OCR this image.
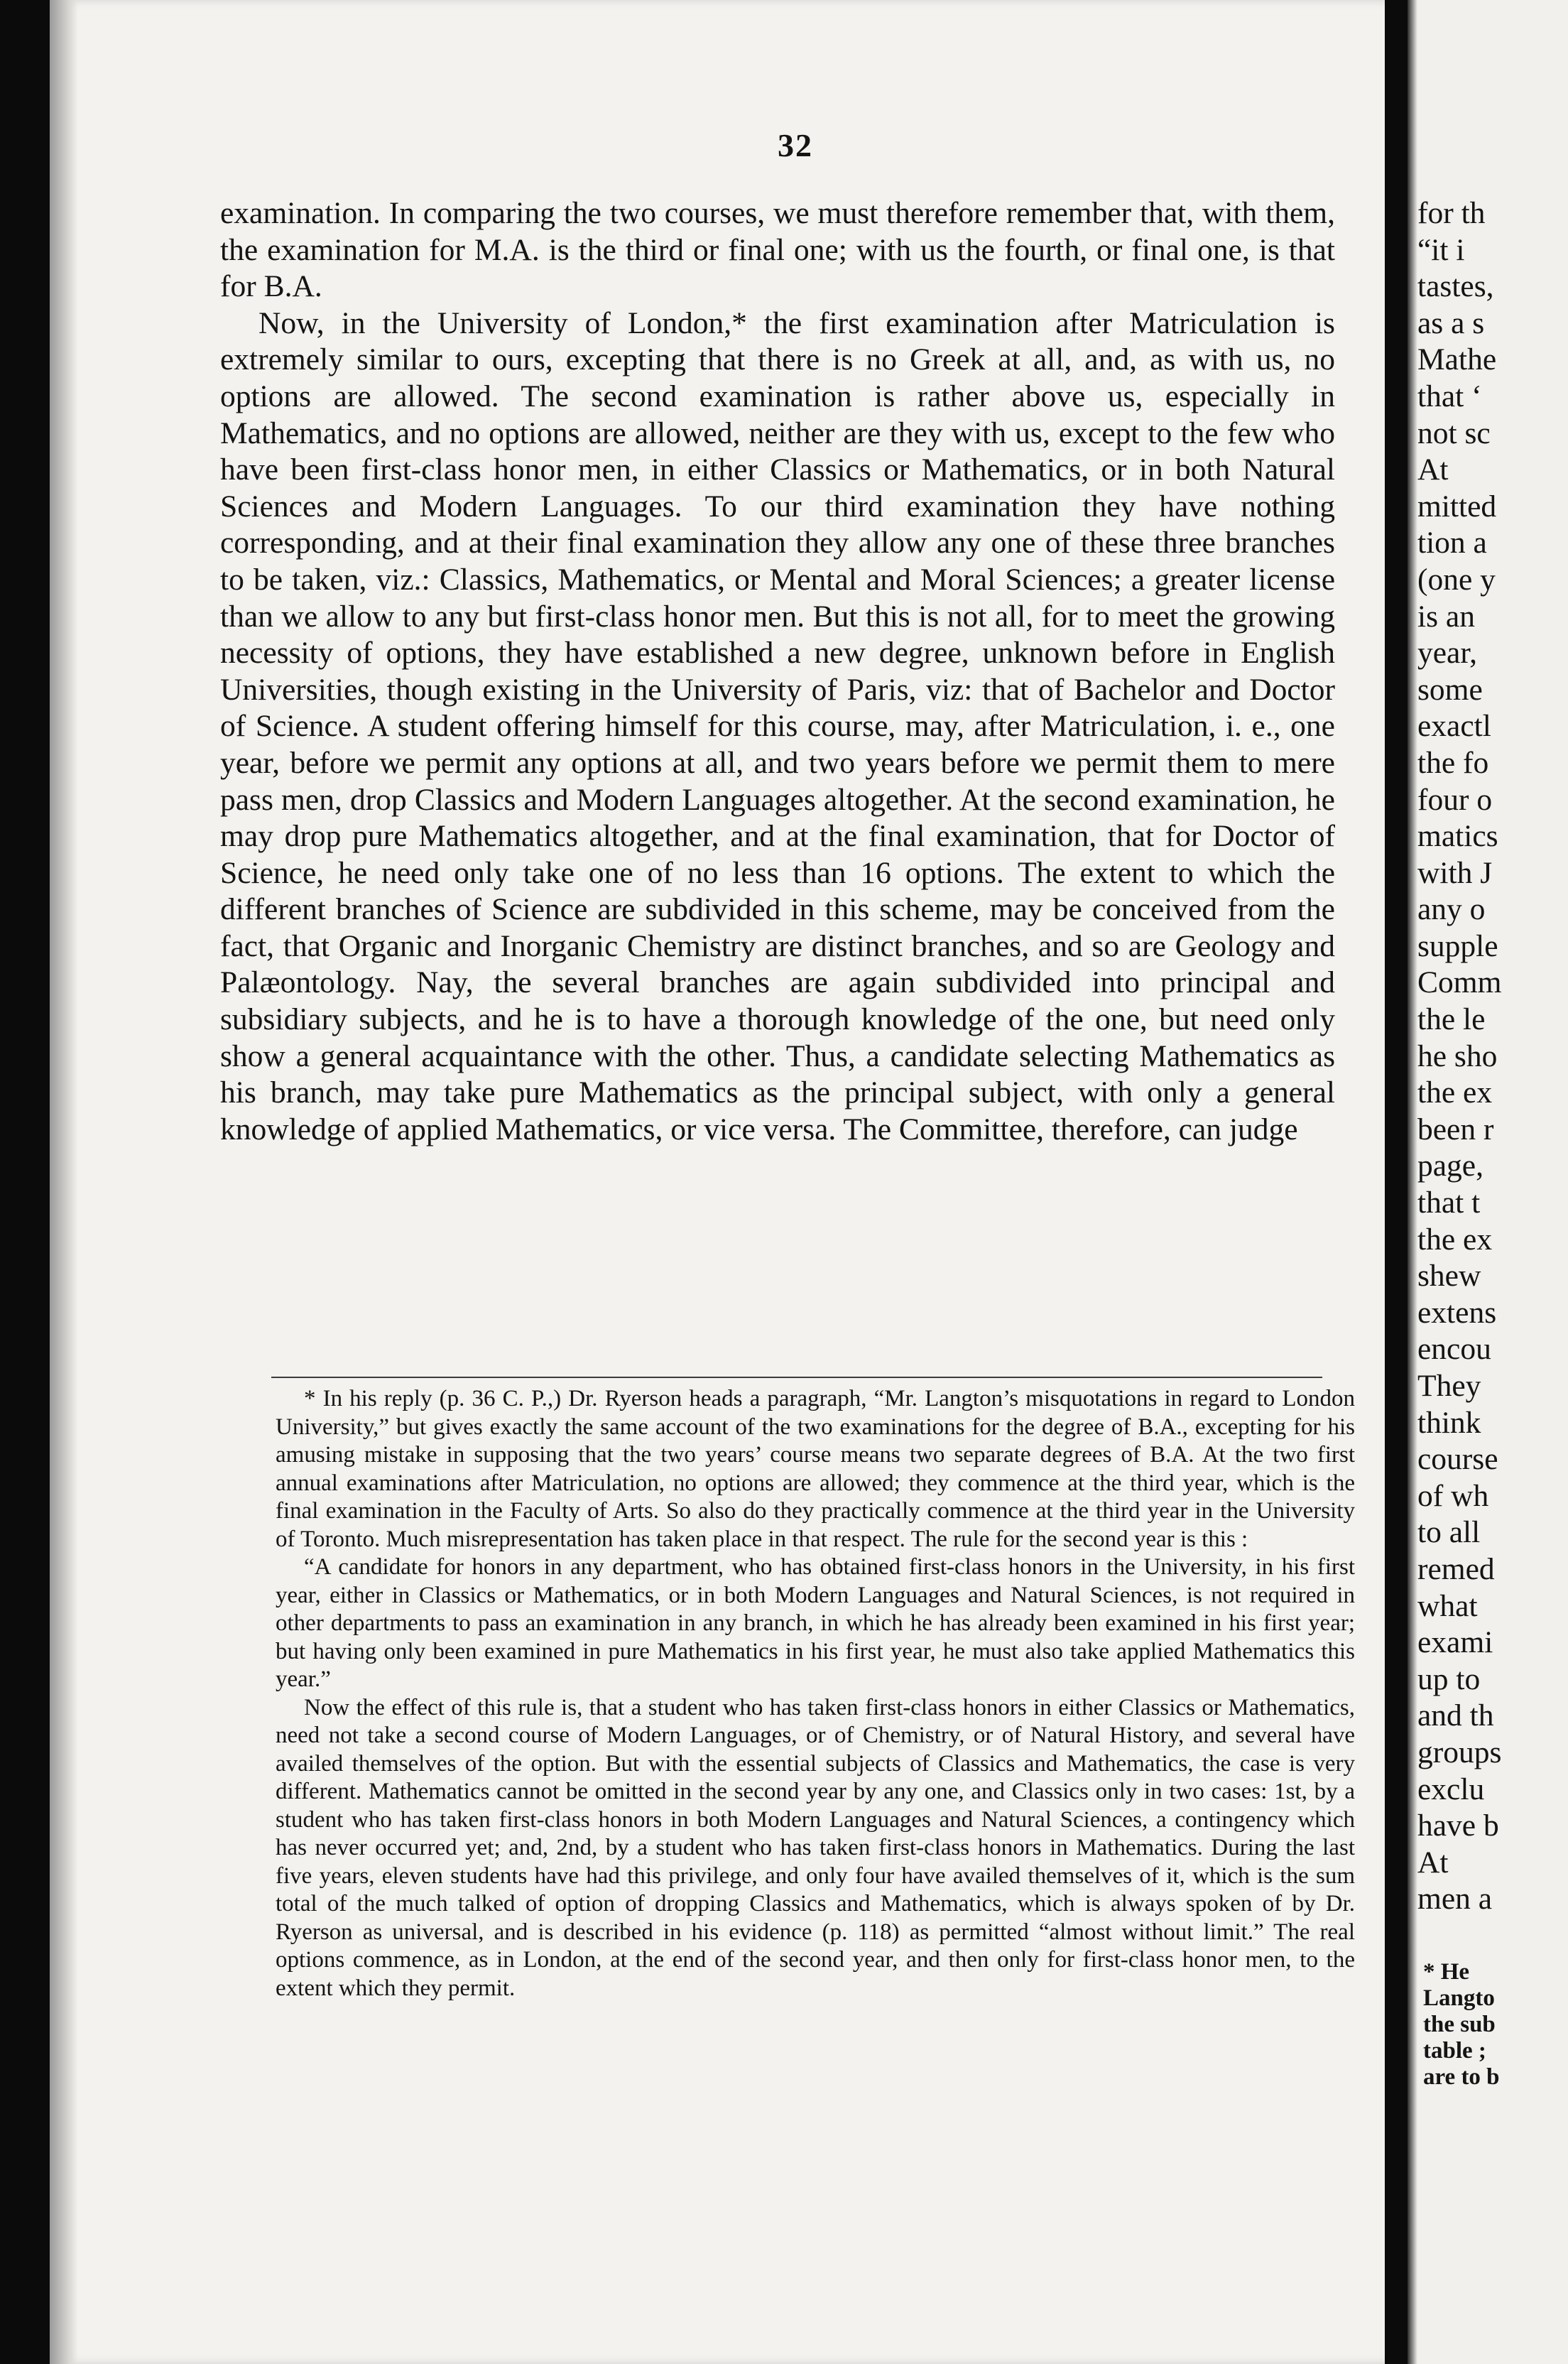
32

examination. In comparing the two courses, we must therefore remember that, with them, the examination for M.A. is the third or final one; with us the fourth, or final one, is that for B.A.

Now, in the University of London,* the first examination after Matriculation is extremely similar to ours, excepting that there is no Greek at all, and, as with us, no options are allowed. The second examination is rather above us, especially in Mathematics, and no options are allowed, neither are they with us, except to the few who have been first-class honor men, in either Classics or Mathematics, or in both Natural Sciences and Modern Languages. To our third examination they have nothing corresponding, and at their final examination they allow any one of these three branches to be taken, viz.: Classics, Mathematics, or Mental and Moral Sciences; a greater license than we allow to any but first-class honor men. But this is not all, for to meet the growing necessity of options, they have established a new degree, unknown before in English Universities, though existing in the University of Paris, viz: that of Bachelor and Doctor of Science. A student offering himself for this course, may, after Matriculation, i. e., one year, before we permit any options at all, and two years before we permit them to mere pass men, drop Classics and Modern Languages altogether. At the second examination, he may drop pure Mathematics altogether, and at the final examination, that for Doctor of Science, he need only take one of no less than 16 options. The extent to which the different branches of Science are subdivided in this scheme, may be conceived from the fact, that Organic and Inorganic Chemistry are distinct branches, and so are Geology and Palæontology. Nay, the several branches are again subdivided into principal and subsidiary subjects, and he is to have a thorough knowledge of the one, but need only show a general acquaintance with the other. Thus, a candidate selecting Mathematics as his branch, may take pure Mathematics as the principal subject, with only a general knowledge of applied Mathematics, or vice versa. The Committee, therefore, can judge

* In his reply (p. 36 C. P.,) Dr. Ryerson heads a paragraph, “Mr. Langton’s misquotations in regard to London University,” but gives exactly the same account of the two examinations for the degree of B.A., excepting for his amusing mistake in supposing that the two years’ course means two separate degrees of B.A. At the two first annual examinations after Matriculation, no options are allowed; they commence at the third year, which is the final examination in the Faculty of Arts. So also do they practically commence at the third year in the University of Toronto. Much misrepresentation has taken place in that respect. The rule for the second year is this :

“A candidate for honors in any department, who has obtained first-class honors in the University, in his first year, either in Classics or Mathematics, or in both Modern Languages and Natural Sciences, is not required in other departments to pass an examination in any branch, in which he has already been examined in his first year; but having only been examined in pure Mathematics in his first year, he must also take applied Mathematics this year.”

Now the effect of this rule is, that a student who has taken first-class honors in either Classics or Mathematics, need not take a second course of Modern Languages, or of Chemistry, or of Natural History, and several have availed themselves of the option. But with the essential subjects of Classics and Mathematics, the case is very different. Mathematics cannot be omitted in the second year by any one, and Classics only in two cases: 1st, by a student who has taken first-class honors in both Modern Languages and Natural Sciences, a contingency which has never occurred yet; and, 2nd, by a student who has taken first-class honors in Mathematics. During the last five years, eleven students have had this privilege, and only four have availed themselves of it, which is the sum total of the much talked of option of dropping Classics and Mathematics, which is always spoken of by Dr. Ryerson as universal, and is described in his evidence (p. 118) as permitted “almost without limit.” The real options commence, as in London, at the end of the second year, and then only for first-class honor men, to the extent which they permit.

for th
“it i
tastes,
as a s
Mathe
that ‘
not sc
At
mitted
tion a
(one y
is an
year,
some
exactl
the fo
four o
matics
with J
any o
supple
Comm
the le
he sho
the ex
been r
page,
that t
the ex
shew
extens
encou
They
think
course
of wh
to all
remed
what
exami
up to
and th
groups
exclu
have b
At
men a
* He
Langto
the sub
table ;
are to b
